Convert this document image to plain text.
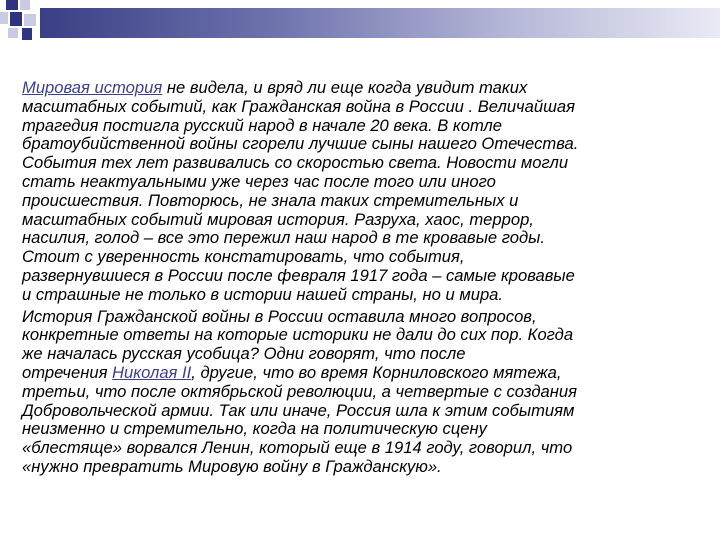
Мировая история не видела, и вряд ли еще когда увидит таких
масштабных событий, как Гражданская война в России . Величайшая
трагедия постигла русский народ в начале 20 века. В котле
братоубийственной войны сгорели лучшие сыны нашего Отечества.
События тех лет развивались со скоростью света. Новости могли
стать неактуальными уже через час после того или иного
происшествия. Повторюсь, не знала таких стремительных и
масштабных событий мировая история. Разруха, хаос, террор,
насилия, голод – все это пережил наш народ в те кровавые годы.
Стоит с уверенность констатировать, что события,
развернувшиеся в России после февраля 1917 года – самые кровавые
и страшные не только в истории нашей страны, но и мира.
История Гражданской войны в России оставила много вопросов,
конкретные ответы на которые историки не дали до сих пор. Когда
же началась русская усобица? Одни говорят, что после
отречения Николая II, другие, что во время Корниловского мятежа,
третьи, что после октябрьской революции, а четвертые с создания
Добровольческой армии. Так или иначе, Россия шла к этим событиям
неизменно и стремительно, когда на политическую сцену
«блестяще» ворвался Ленин, который еще в 1914 году, говорил, что
«нужно превратить Мировую войну в Гражданскую».
